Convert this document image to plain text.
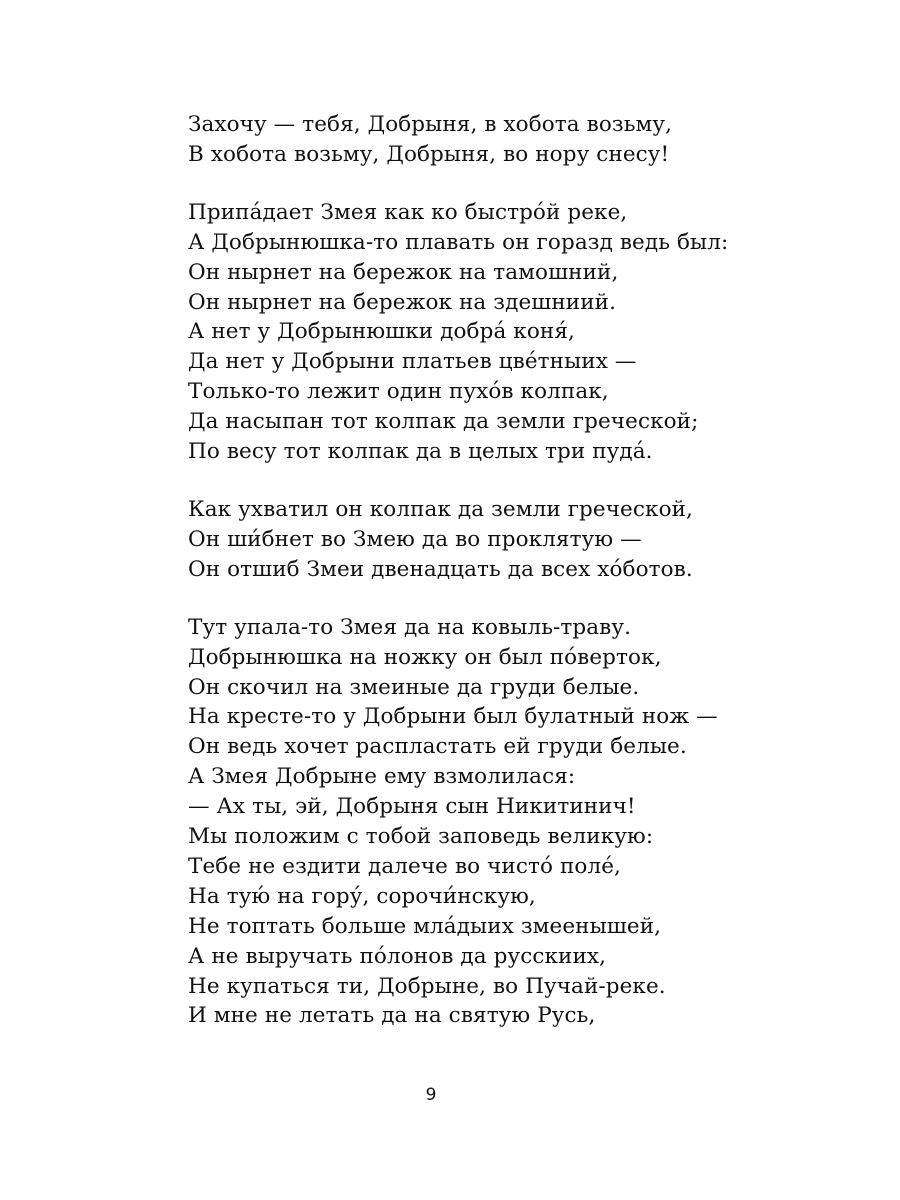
Захочу — тебя, Добрыня, в хобота возьму,
В хобота возьму, Добрыня, во нору снесу!
Припа́дает Змея как ко быстро́й реке,
А Добрынюшка-то плавать он горазд ведь был:
Он нырнет на бережок на тамошний,
Он нырнет на бережок на здешниий.
А нет у Добрынюшки добра́ коня́,
Да нет у Добрыни платьев цве́тныих —
Только-то лежит один пухо́в колпак,
Да насыпан тот колпак да земли греческой;
По весу тот колпак да в целых три пуда́.
Как ухватил он колпак да земли греческой,
Он ши́бнет во Змею да во проклятую —
Он отшиб Змеи двенадцать да всех хо́ботов.
Тут упала-то Змея да на ковыль-траву.
Добрынюшка на ножку он был по́верток,
Он скочил на змеиные да груди белые.
На кресте-то у Добрыни был булатный нож —
Он ведь хочет распластать ей груди белые.
А Змея Добрыне ему взмолилася:
— Ах ты, эй, Добрыня сын Никитинич!
Мы положим с тобой заповедь великую:
Тебе не ездити далече во чисто́ поле́,
На тую́ на гору́, сорочи́нскую,
Не топтать больше мла́дыих змеенышей,
А не выручать по́лонов да русскиих,
Не купаться ти, Добрыне, во Пучай-реке.
И мне не летать да на святую Русь,
9
